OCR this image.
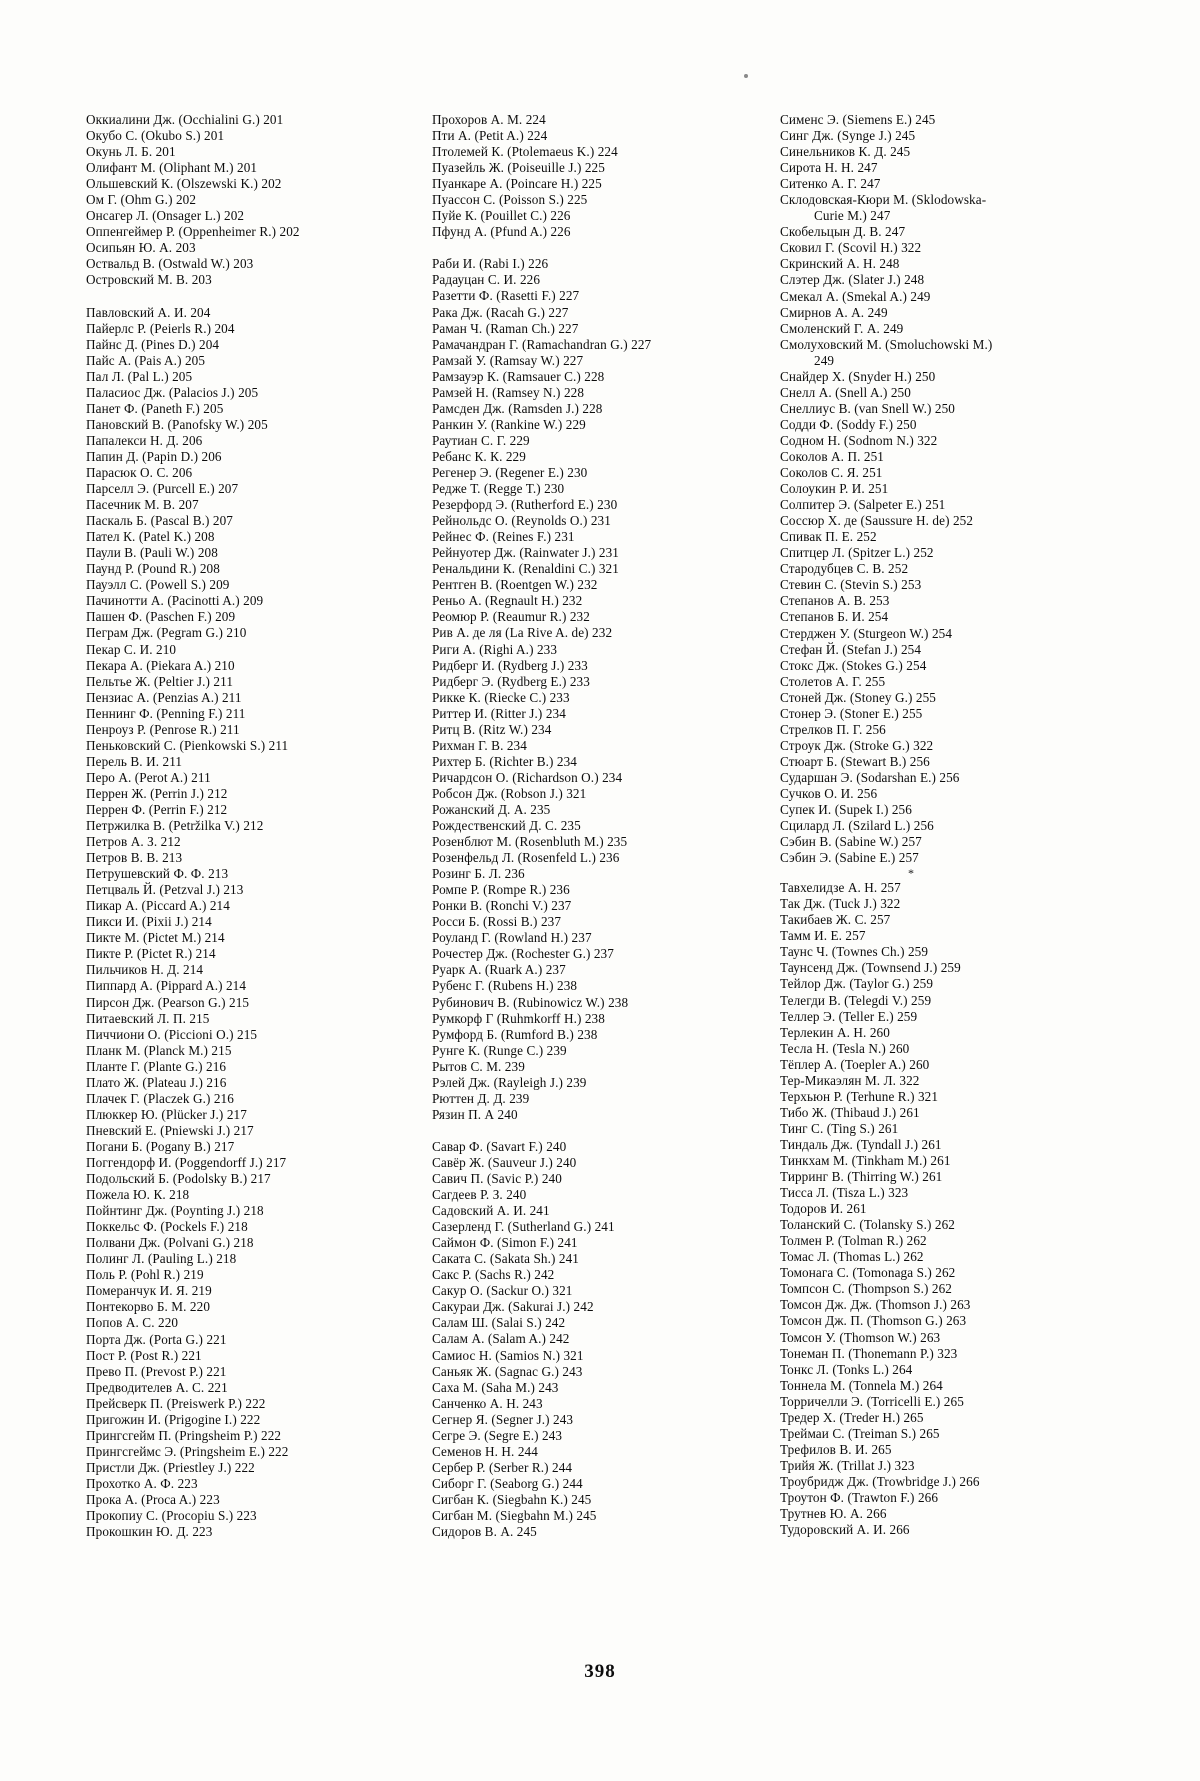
Оккиалини Дж. (Occhialini G.) 201
Окубо С. (Okubo S.) 201
Окунь Л. Б. 201
Олифант М. (Oliphant M.) 201
Ольшевский К. (Olszewski K.) 202
Ом Г. (Ohm G.) 202
Онсагер Л. (Onsager L.) 202
Оппенгеймер Р. (Oppenheimer R.) 202
Осипьян Ю. А. 203
Оствальд В. (Ostwald W.) 203
Островский М. В. 203
Павловский А. И. 204
Пайерлс Р. (Peierls R.) 204
Пайнс Д. (Pines D.) 204
Пайс А. (Pais A.) 205
Пал Л. (Pal L.) 205
Паласиос Дж. (Palacios J.) 205
Панет Ф. (Paneth F.) 205
Пановский В. (Panofsky W.) 205
Папалекси Н. Д. 206
Папин Д. (Papin D.) 206
Парасюк О. С. 206
Парселл Э. (Purcell E.) 207
Пасечник М. В. 207
Паскаль Б. (Pascal B.) 207
Патeл К. (Patel K.) 208
Паули В. (Pauli W.) 208
Паунд Р. (Pound R.) 208
Пауэлл С. (Powell S.) 209
Пачинотти А. (Pacinotti A.) 209
Пашен Ф. (Paschen F.) 209
Пеграм Дж. (Pegram G.) 210
Пекар С. И. 210
Пекара А. (Piekara A.) 210
Пельтье Ж. (Peltier J.) 211
Пензиас А. (Penzias A.) 211
Пеннинг Ф. (Penning F.) 211
Пенроуз Р. (Penrose R.) 211
Пеньковский С. (Pienkowski S.) 211
Перель В. И. 211
Перо А. (Perot A.) 211
Перрен Ж. (Perrin J.) 212
Перрен Ф. (Perrin F.) 212
Петржилка В. (Petržilka V.) 212
Петров А. З. 212
Петров В. В. 213
Петрушевский Ф. Ф. 213
Петцваль Й. (Petzval J.) 213
Пикар А. (Piccard A.) 214
Пикси И. (Pixii J.) 214
Пикте М. (Pictet M.) 214
Пикте Р. (Pictet R.) 214
Пильчиков Н. Д. 214
Пиппард А. (Pippard A.) 214
Пирсон Дж. (Pearson G.) 215
Питаевский Л. П. 215
Пиччиони О. (Piccioni O.) 215
Планк М. (Planck M.) 215
Планте Г. (Plante G.) 216
Плато Ж. (Plateau J.) 216
Плачек Г. (Placzek G.) 216
Плюккер Ю. (Plücker J.) 217
Пневский Е. (Pniewski J.) 217
Погани Б. (Pogany B.) 217
Поггендорф И. (Poggendorff J.) 217
Подольский Б. (Podolsky B.) 217
Пожела Ю. К. 218
Пойнтинг Дж. (Poynting J.) 218
Поккельс Ф. (Pockels F.) 218
Полвани Дж. (Polvani G.) 218
Полинг Л. (Pauling L.) 218
Поль Р. (Pohl R.) 219
Померанчук И. Я. 219
Понтекорво Б. М. 220
Попов А. С. 220
Порта Дж. (Porta G.) 221
Пост Р. (Post R.) 221
Прево П. (Prevost P.) 221
Предводителев А. С. 221
Прейсверк П. (Preiswerk P.) 222
Пригожин И. (Prigogine I.) 222
Прингсгейм П. (Pringsheim P.) 222
Прингсгеймс Э. (Pringsheim E.) 222
Пристли Дж. (Priestley J.) 222
Прохоткo А. Ф. 223
Прока А. (Proca A.) 223
Прокопиу С. (Procopiu S.) 223
Прокошкин Ю. Д. 223
Прохоров А. М. 224
Пти А. (Petit A.) 224
Птолемей К. (Ptolemaeus K.) 224
Пуазейль Ж. (Poiseuille J.) 225
Пуанкаре А. (Poincare H.) 225
Пуассон С. (Poisson S.) 225
Пуйе К. (Pouillet C.) 226
Пфунд А. (Pfund A.) 226
Раби И. (Rabi I.) 226
Радауцан С. И. 226
Разетти Ф. (Rasetti F.) 227
Рака Дж. (Racah G.) 227
Раман Ч. (Raman Ch.) 227
Рамачандран Г. (Ramachandran G.) 227
Рамзай У. (Ramsay W.) 227
Рамзауэр К. (Ramsauer C.) 228
Рамзей Н. (Ramsey N.) 228
Рамсден Дж. (Ramsden J.) 228
Ранкин У. (Rankine W.) 229
Раутиан С. Г. 229
Ребанc К. К. 229
Регенер Э. (Regener E.) 230
Редже Т. (Regge T.) 230
Резерфорд Э. (Rutherford E.) 230
Рейнольдс О. (Reynolds O.) 231
Рейнес Ф. (Reines F.) 231
Рейнуотер Дж. (Rainwater J.) 231
Ренальдини К. (Renaldini C.) 321
Рентген В. (Roentgen W.) 232
Реньо А. (Regnault H.) 232
Реомюр Р. (Reaumur R.) 232
Рив А. де ля (La Rive A. de) 232
Риги А. (Righi A.) 233
Ридберг И. (Rydberg J.) 233
Ридберг Э. (Rydberg E.) 233
Рикке К. (Riecke C.) 233
Риттер И. (Ritter J.) 234
Ритц В. (Ritz W.) 234
Рихман Г. В. 234
Рихтер Б. (Richter B.) 234
Ричардсон О. (Richardson O.) 234
Робсон Дж. (Robson J.) 321
Рожанский Д. А. 235
Рождественский Д. С. 235
Розенблют М. (Rosenbluth M.) 235
Розенфельд Л. (Rosenfeld L.) 236
Розинг Б. Л. 236
Ромпе Р. (Rompe R.) 236
Ронки В. (Ronchi V.) 237
Росси Б. (Rossi B.) 237
Роуланд Г. (Rowland H.) 237
Рочестер Дж. (Rochester G.) 237
Руарк А. (Ruark A.) 237
Рубенс Г. (Rubens H.) 238
Рубинович В. (Rubinowicz W.) 238
Румкорф Г (Ruhmkorff H.) 238
Румфорд Б. (Rumford B.) 238
Рунге К. (Runge C.) 239
Рытов С. М. 239
Рэлей Дж. (Rayleigh J.) 239
Рюттен Д. Д. 239
Рязин П. А 240
Савар Ф. (Savart F.) 240
Савёр Ж. (Sauveur J.) 240
Савич П. (Savic P.) 240
Сагдеев Р. З. 240
Садовский А. И. 241
Сазерленд Г. (Sutherland G.) 241
Саймон Ф. (Simon F.) 241
Саката С. (Sakata Sh.) 241
Сакс Р. (Sachs R.) 242
Сакур О. (Sackur O.) 321
Сакураи Дж. (Sakurai J.) 242
Салам Ш. (Salai S.) 242
Салам А. (Salam A.) 242
Самиос Н. (Samios N.) 321
Саньяк Ж. (Sagnac G.) 243
Саха М. (Saha M.) 243
Санченко А. Н. 243
Сегнер Я. (Segner J.) 243
Сегре Э. (Segre E.) 243
Семенов Н. Н. 244
Сербер Р. (Serber R.) 244
Сиборг Г. (Seaborg G.) 244
Сигбан К. (Siegbahn K.) 245
Сигбан М. (Siegbahn M.) 245
Сидоров В. А. 245
Сименс Э. (Siemens E.) 245
Синг Дж. (Synge J.) 245
Синельников К. Д. 245
Сирота Н. Н. 247
Ситенко А. Г. 247
Склодовская-Кюри М. (Sklodowska-
Curie M.) 247
Скобельцын Д. В. 247
Сковил Г. (Scovil H.) 322
Скринский А. Н. 248
Слэтер Дж. (Slater J.) 248
Смекал А. (Smekal A.) 249
Смирнов А. А. 249
Смоленский Г. А. 249
Смолуховский М. (Smoluchowski M.)
249
Снайдер Х. (Snyder H.) 250
Снелл А. (Snell A.) 250
Снеллиус В. (van Snell W.) 250
Содди Ф. (Soddy F.) 250
Содном Н. (Sodnom N.) 322
Соколов А. П. 251
Соколов С. Я. 251
Солоукин Р. И. 251
Солпитер Э. (Salpeter E.) 251
Соссюр X. де (Saussure H. de) 252
Спивак П. Е. 252
Спитцер Л. (Spitzer L.) 252
Стародубцев С. В. 252
Стевин С. (Stevin S.) 253
Степанов А. В. 253
Степанов Б. И. 254
Стерджен У. (Sturgeon W.) 254
Стефан Й. (Stefan J.) 254
Стокс Дж. (Stokes G.) 254
Столетов А. Г. 255
Стоней Дж. (Stoney G.) 255
Стонер Э. (Stoner E.) 255
Стрелков П. Г. 256
Строук Дж. (Stroke G.) 322
Стюарт Б. (Stewart B.) 256
Сударшан Э. (Sodarshan E.) 256
Сучков О. И. 256
Супек И. (Supek I.) 256
Сцилард Л. (Szilard L.) 256
Сэбин В. (Sabine W.) 257
Сэбин Э. (Sabine E.) 257
*
Тавхелидзе А. Н. 257
Так Дж. (Tuck J.) 322
Такибаев Ж. С. 257
Тамм И. Е. 257
Таунс Ч. (Townes Ch.) 259
Таунсенд Дж. (Townsend J.) 259
Тейлор Дж. (Taylor G.) 259
Телегди В. (Telegdi V.) 259
Теллер Э. (Teller E.) 259
Терлекин А. Н. 260
Тесла Н. (Tesla N.) 260
Тёплер А. (Toepler A.) 260
Тер-Микаэлян М. Л. 322
Терхьюн Р. (Terhune R.) 321
Тибо Ж. (Thibaud J.) 261
Тинг С. (Ting S.) 261
Тиндаль Дж. (Tyndall J.) 261
Тинкхам М. (Tinkham M.) 261
Тирринг В. (Thirring W.) 261
Тисса Л. (Tisza L.) 323
Тодоров И. 261
Толанский С. (Tolansky S.) 262
Толмен Р. (Tolman R.) 262
Томас Л. (Thomas L.) 262
Томонага С. (Tomonaga S.) 262
Томпсон С. (Thompson S.) 262
Томсон Дж. Дж. (Thomson J.) 263
Томсон Дж. П. (Thomson G.) 263
Томсон У. (Thomson W.) 263
Тонеман П. (Thonemann P.) 323
Тонкс Л. (Tonks L.) 264
Тоннела М. (Tonnela M.) 264
Торричелли Э. (Torricelli E.) 265
Тредер Х. (Treder H.) 265
Треймаи С. (Treiman S.) 265
Трефилов В. И. 265
Трийя Ж. (Trillat J.) 323
Троубридж Дж. (Trowbridge J.) 266
Троутон Ф. (Trawton F.) 266
Трутнев Ю. А. 266
Тудоровский А. И. 266
398
